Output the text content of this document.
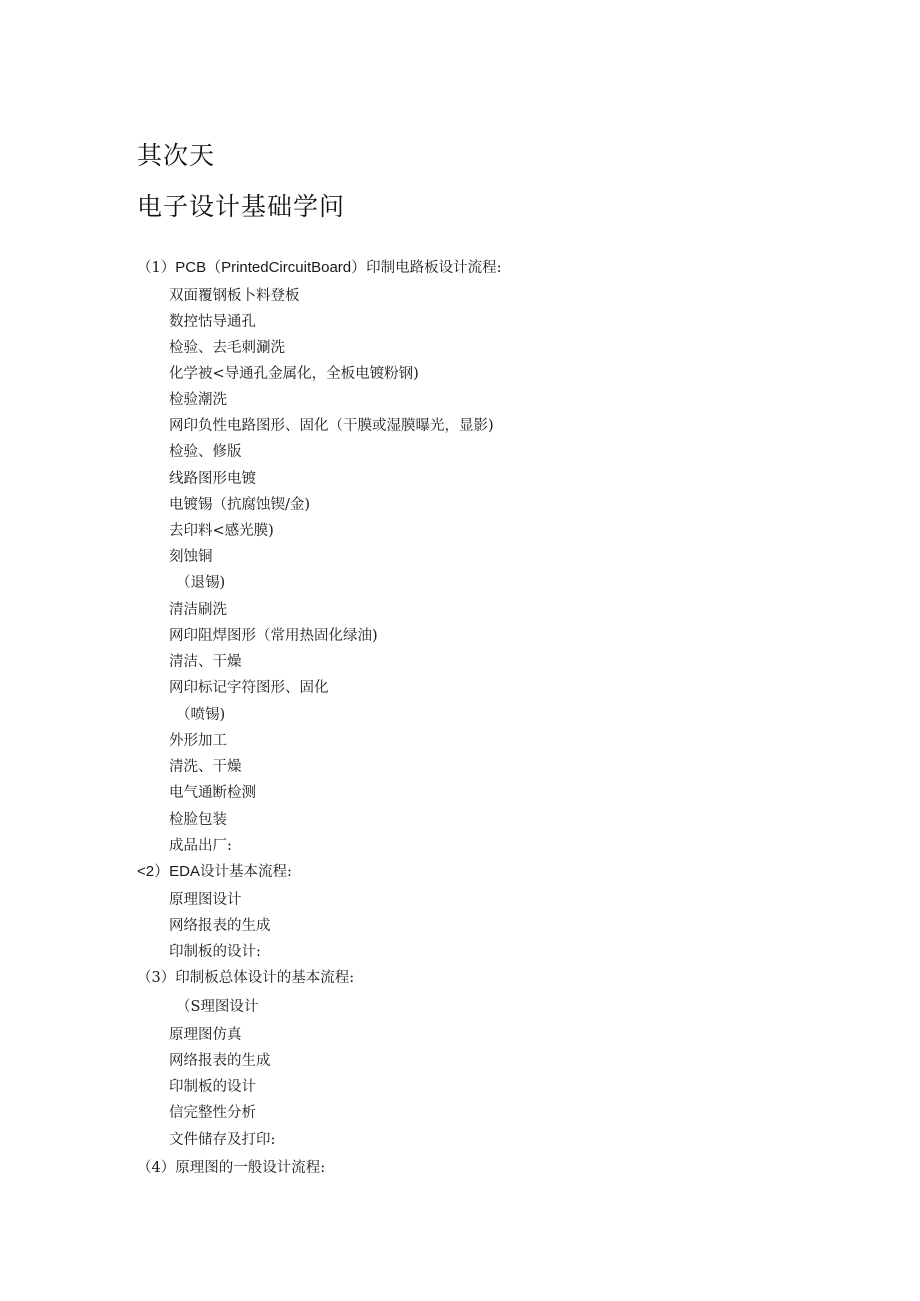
其次天
电子设计基础学问
（1）PCB（PrintedCircuitBoard）印制电路板设计流程:
双面覆钢板卜料登板
数控怙导通孔
检验、去毛刺涮洗
化学被<导通孔金属化，全板电镀粉钢)
检验潮洗
网印负性电路图形、固化（干膜或湿膜曝光，显影)
检验、修版
线路图形电镀
电镀锡（抗腐蚀锲/金)
去印料<感光膜)
刻蚀铜
（退锡)
清洁刷洗
网印阻焊图形（常用热固化绿油)
清洁、干燥
网印标记字符图形、固化
（喷锡)
外形加工
清洗、干燥
电气通断检测
检脸包装
成品出厂:
<2）EDA设计基本流程:
原理图设计
网络报表的生成
印制板的设计:
（3）印制板总体设计的基本流程:
（S理图设计
原理图仿真
网络报表的生成
印制板的设计
信完整性分析
文件储存及打印:
（4）原理图的一般设计流程:
